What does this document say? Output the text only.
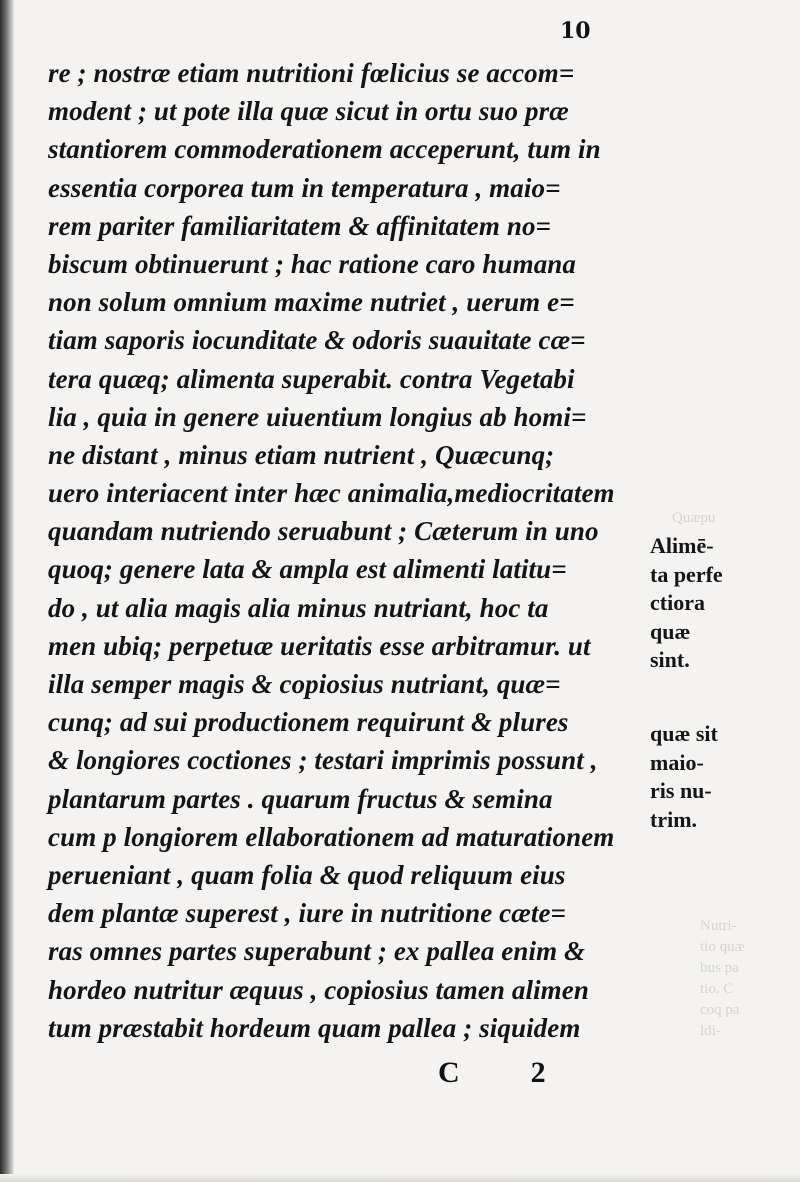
10
Quæpu
Nutri-
tio quæ
bus pa
tio. C
coq pa
ldi-
re ; nostræ etiam nutritioni fœlicius se accom=
modent ; ut pote illa quæ sicut in ortu suo præ
stantiorem commoderationem acceperunt, tum in
essentia corporea tum in temperatura , maio=
rem pariter familiaritatem & affinitatem no=
biscum obtinuerunt ; hac ratione caro humana
non solum omnium maxime nutriet , uerum e=
tiam saporis iocunditate & odoris suauitate cæ=
tera quæq; alimenta superabit. contra Vegetabi
lia , quia in genere uiuentium longius ab homi=
ne distant , minus etiam nutrient , Quæcunq;
uero interiacent inter hæc animalia,mediocritatem
quandam nutriendo seruabunt ; Cæterum in uno
quoq; genere lata & ampla est alimenti latitu=
do , ut alia magis alia minus nutriant, hoc ta
men ubiq; perpetuæ ueritatis esse arbitramur. ut
illa semper magis & copiosius nutriant, quæ=
cunq; ad sui productionem requirunt & plures
& longiores coctiones ; testari imprimis possunt ,
plantarum partes . quarum fructus & semina
cum p longiorem ellaborationem ad maturationem
perueniant , quam folia & quod reliquum eius
dem plantæ superest , iure in nutritione cæte=
ras omnes partes superabunt ; ex pallea enim &
hordeo nutritur æquus , copiosius tamen alimen
tum præstabit hordeum quam pallea ; siquidem
Alimē-
ta perfe
ctiora
quæ
sint.
quæ sit
maio-
ris nu-
trim.
C 2
